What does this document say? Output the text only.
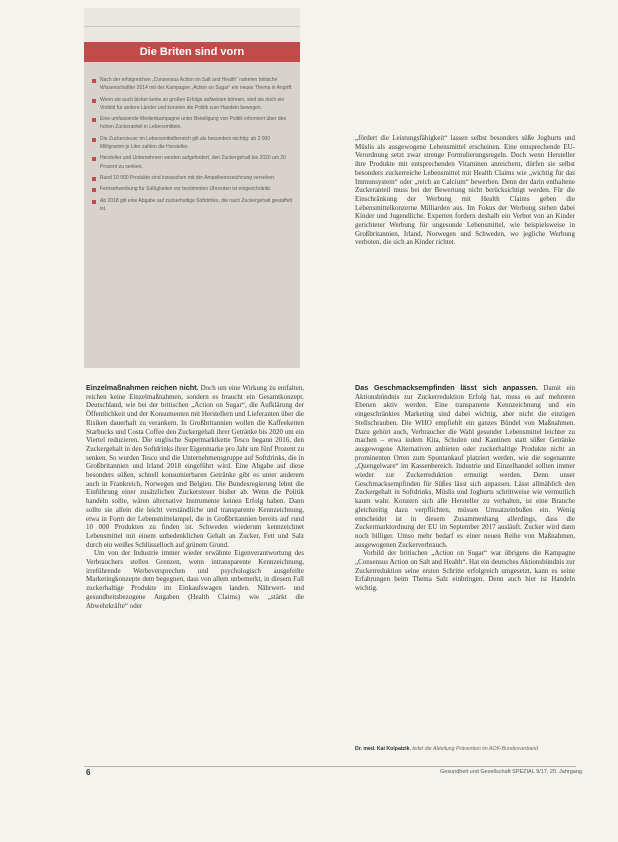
Die Briten sind vorn
Nach der erfolgreichen „Consensus Action on Salt and Health“ nahmen britische Wissenschaftler 2014 mit der Kampagne „Action on Sugar“ ein neues Thema in Angriff.
Wenn sie auch bisher keine so großen Erfolge aufweisen können, sind sie doch ein Vorbild für andere Länder und konnten die Politik zum Handeln bewegen.
Eine umfassende Medienkampagne unter Beteiligung von Politik informiert über den hohen Zuckeranteil in Lebensmitteln.
Die Zuckersteuer im Lebensmittelbereich gilt als besonders wichtig: ab 2 000 Milligramm je Liter zahlen die Hersteller.
Hersteller und Unternehmen werden aufgefordert, den Zuckergehalt bis 2020 um 20 Prozent zu senken.
Rund 10 000 Produkte sind inzwischen mit der Ampelkennzeichnung versehen.
Fernsehwerbung für Süßigkeiten vor bestimmten Uhrzeiten ist eingeschränkt.
Ab 2018 gilt eine Abgabe auf zuckerhaltige Softdrinks, die nach Zuckergehalt gestaffelt ist.

„fördert die Leistungsfähigkeit“ lassen selbst besonders süße Joghurts und Müslis als ausgewogene Lebensmittel erscheinen. Eine entsprechende EU-Verordnung setzt zwar strenge Formulierungsregeln. Doch wenn Hersteller ihre Produkte mit entsprechenden Vitaminen anreichern, dürfen sie selbst besonders zuckerreiche Lebensmittel mit Health Claims wie „wichtig für das Immunsystem“ oder „reich an Calcium“ bewerben. Denn der darin enthaltene Zuckeranteil muss bei der Bewertung nicht berücksichtigt werden. Für die Einschränkung der Werbung mit Health Claims geben die Lebensmittelkonzerne Milliarden aus. Im Fokus der Werbung stehen dabei Kinder und Jugendliche. Experten fordern deshalb ein Verbot von an Kinder gerichteter Werbung für ungesunde Lebensmittel, wie beispielsweise in Großbritannien, Irland, Norwegen und Schweden, wo jegliche Werbung verboten, die sich an Kinder richtet.

Einzelmaßnahmen reichen nicht. Doch um eine Wirkung zu entfalten, reichen keine Einzelmaßnahmen, sondern es braucht ein Gesamtkonzept. Deutschland, wie bei der britischen „Action on Sugar“, die Aufklärung der Öffentlichkeit und der Konsumenten mit Herstellern und Lieferanten über die Risiken dauerhaft zu verankern. In Großbritannien wollen die Kaffeeketten Starbucks und Costa Coffee den Zuckergehalt ihrer Getränke bis 2020 um ein Viertel reduzieren. Die englische Supermarktkette Tesco begann 2016, den Zuckergehalt in den Softdrinks ihrer Eigenmarke pro Jahr um fünf Prozent zu senken. So wurden Tesco und die Unternehmensgruppe auf Softdrinks, die in Großbritannien und Irland 2018 eingeführt wird. Eine Abgabe auf diese besonders süßen, schnell konsumierbaren Getränke gibt es unter anderem auch in Frankreich, Norwegen und Belgien. Die Bundesregierung lehnt die Einführung einer zusätzlichen Zuckersteuer bisher ab. Wenn die Politik handeln sollte, wären alternative Instrumente keinen Erfolg haben. Dann sollte sie allein die leicht verständliche und transparente Kennzeichnung, etwa in Form der Lebensmittelampel, die in Großbritannien bereits auf rund 10 000 Produkten zu finden ist. Schweden wiederum kennzeichnet Lebensmittel mit einem unbedenklichen Gehalt an Zucker, Fett und Salz durch ein weißes Schlüsselloch auf grünem Grund.

Um von der Industrie immer wieder erwähnte Eigenverantwortung des Verbrauchers stellen Grenzen, wenn intransparente Kennzeichnung, irreführende Werbeversprechen und psychologisch ausgefeilte Marketingkonzepte dem begegnen, dass von allem unbemerkt, in diesem Fall zuckerhaltige Produkte im Einkaufswagen landen. Nährwert- und gesundheitsbezogene Angaben (Health Claims) wie „stärkt die Abwehrkräfte“ oder

Das Geschmacksempfinden lässt sich anpassen. Damit ein Aktionsbündnis zur Zuckerreduktion Erfolg hat, muss es auf mehreren Ebenen aktiv werden. Eine transparente Kennzeichnung und ein eingeschränktes Marketing sind dabei wichtig, aber nicht die einzigen Stellschrauben. Die WHO empfiehlt ein ganzes Bündel von Maßnahmen. Dazu gehört auch, Verbraucher die Wahl gesunder Lebensmittel leichter zu machen – etwa indem Kita, Schulen und Kantinen statt süßer Getränke ausgewogene Alternativen anbieten oder zuckerhaltige Produkte nicht an prominenten Orten zum Spontankauf platziert werden, wie die sogenannte „Quengelware“ im Kassenbereich. Industrie und Einzelhandel sollten immer wieder zur Zuckerreduktion ermutigt werden. Denn unser Geschmacksempfinden für Süßes lässt sich anpassen. Lässt allmählich den Zuckergehalt in Softdrinks, Müslis und Joghurts schrittweise wie vermutlich kaum wahr. Konzern sich alle Hersteller zu verhalten, ist eine Branche gleichzeitig dazu verpflichten, müssen Umsatzeinbußen ein. Wenig entscheidet ist in diesem Zusammenhang allerdings, dass die Zuckermarktordnung der EU im September 2017 ausläuft. Zucker wird dann noch billiger. Umso mehr bedarf es einer neuen Reihe von Maßnahmen, ausgewogenen Zuckerverbrauch.

Vorbild der britischen „Action on Sugar“ war übrigens die Kampagne „Consensus Action on Salt and Health“. Hat ein deutsches Aktionsbündnis zur Zuckerreduktion seine ersten Schritte erfolgreich umgesetzt, kann es seine Erfahrungen beim Thema Salz einbringen. Denn auch hier ist Handeln wichtig.

Dr. med. Kai Kolpatzik, leitet die Abteilung Prävention im AOK-Bundesverband
6	Gesundheit und Gesellschaft SPEZIAL 9/17, 20. Jahrgang
